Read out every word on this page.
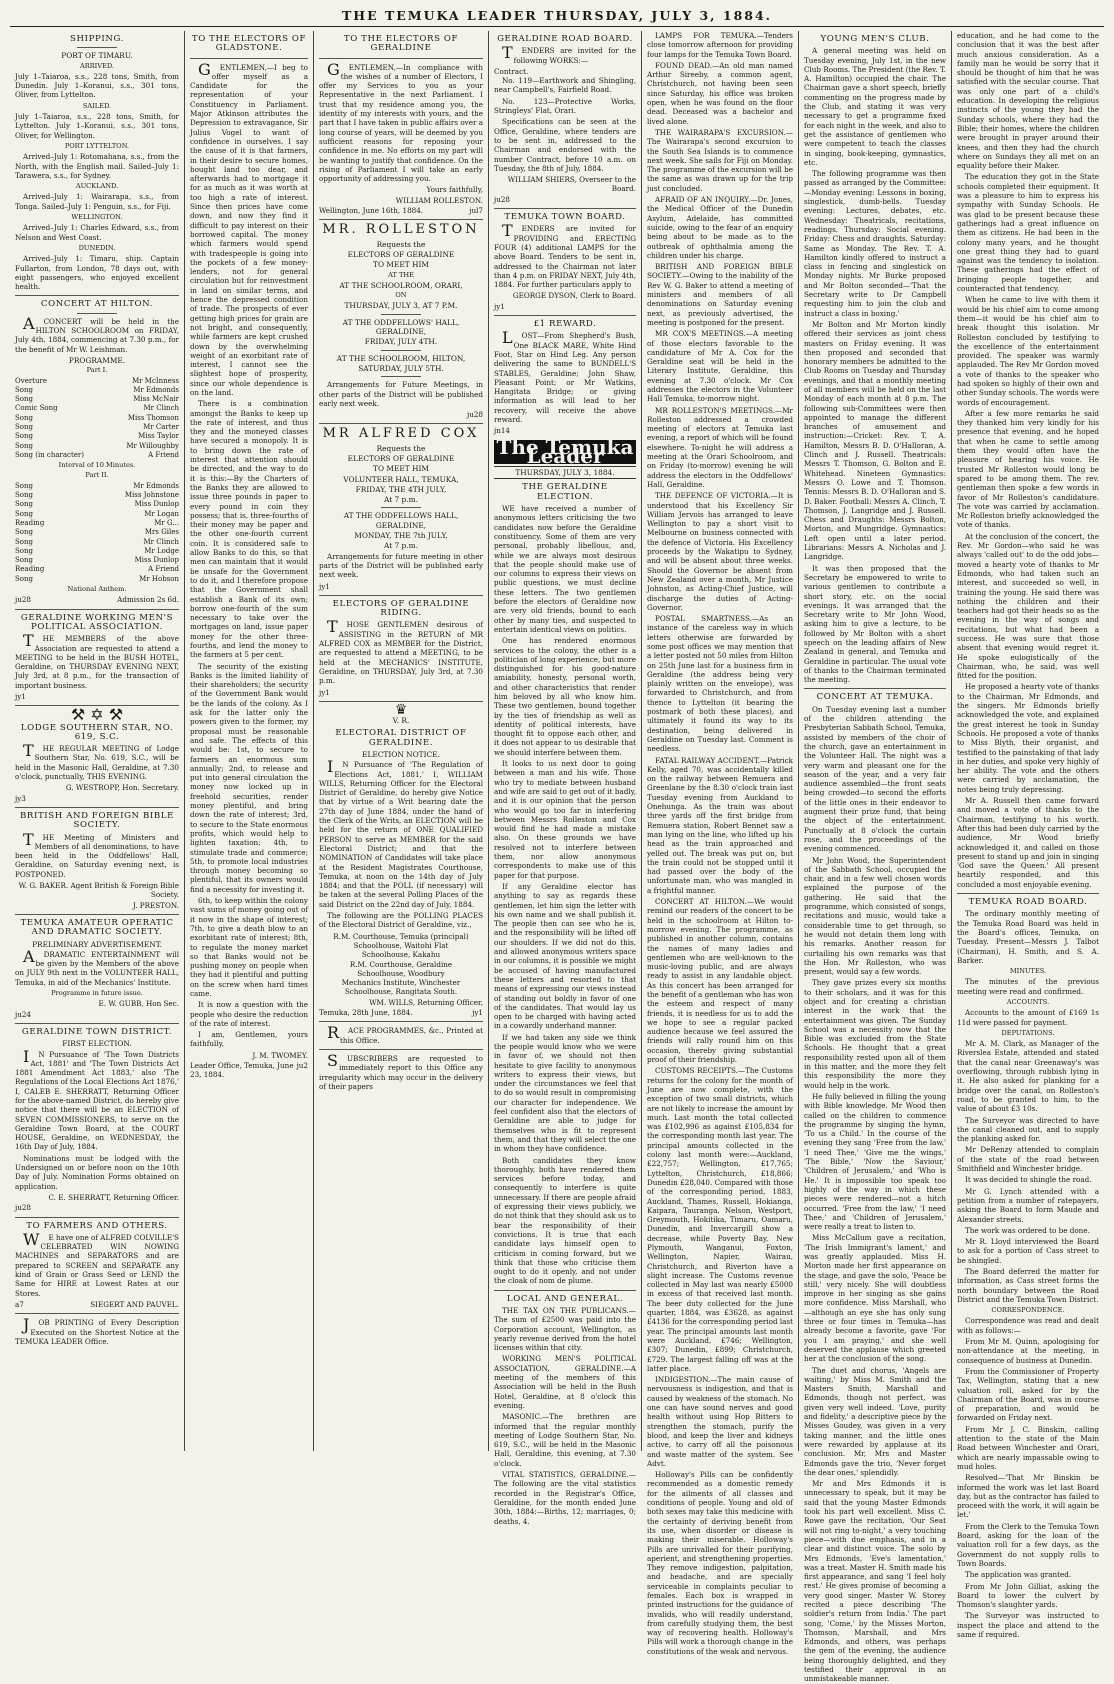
THE TEMUKA LEADER THURSDAY, JULY 3, 1884.
SHIPPING.
PORT OF TIMARU.
ARRIVED.

July 1–Taiaroa, s.s., 228 tons, Smith, from Dunedin. July 1–Koranui, s.s., 301 tons, Oliver, from Lyttelton.

SAILED.

July 1–Taiaroa, s.s., 228 tons, Smith, for Lyttelton. July 1–Koranui, s.s., 301 tons, Oliver, for Wellington.

PORT LYTTELTON.

Arrived–July 1: Rotomahana, s.s., from the North, with the English mail. Sailed–July 1: Tarawera, s.s., for Sydney.

AUCKLAND.

Arrived–July 1: Wairarapa, s.s., from Tonga. Sailed–July 1: Penguin, s.s., for Fiji.

WELLINGTON.

Arrived–July 1: Charles Edward, s.s., from Nelson and West Coast.

DUNEDIN.

Arrived–July 1: Timaru, ship. Captain Fullarton, from London, 78 days out, with eight passengers, who enjoyed excellent health.

CONCERT AT HILTON.

ACONCERT will be held in the HILTON SCHOOLROOM on FRIDAY, July 4th, 1884, commencing at 7.30 p.m., for the benefit of Mr W. Leishman.

PROGRAMME.
Part I.
Overture	Mr McInness
Song	Mr Edmonds
Song	Miss McNair
Comic Song	Mr Clinch
Song	Miss Thomson
Song	Mr Carter
Song	Miss Taylor
Song	Mr Willoughby
Song (in character)	A Friend
Interval of 10 Minutes.
Part II.
Song	Mr Edmonds
Song	Miss Johnstone
Song	Miss Dunlop
Song	Mr Logan
Reading	Mr G...
Song	Mrs Giles
Song	Mr Clinch
Song	Mr Lodge
Song	Miss Dunlop
Reading	A Friend
Song	Mr Hobson
National Anthem.
ju28	Admission 2s 6d.
GERALDINE WORKING MEN'S POLITICAL ASSOCIATION.

THE MEMBERS of the above Association are requested to attend a MEETING to be held in the BUSH HOTEL, Geraldine, on THURSDAY EVENING NEXT, July 3rd, at 8 p.m., for the transaction of important business.

jy1
⚒ ✡ ⚒
LODGE SOUTHERN STAR, NO. 619, S.C.

THE REGULAR MEETING of Lodge Southern Star, No. 619, S.C., will be held in the Masonic Hall, Geraldine, at 7.30 o'clock, punctually, THIS EVENING.

G. WESTROPP, Hon. Secretary.
jy3
BRITISH AND FOREIGN BIBLE SOCIETY.

THE Meeting of Ministers and Members of all denominations, to have been held in the Oddfellows' Hall, Geraldine, on Saturday evening next, is POSTPONED.

W. G. BAKER. Agent British & Foreign Bible Society.
J. PRESTON.
TEMUKA AMATEUR OPERATIC AND DRAMATIC SOCIETY.
PRELIMINARY ADVERTISEMENT.

ADRAMATIC ENTERTAINMENT will be given by the Members of the above on JULY 9th next in the VOLUNTEER HALL, Temuka, in aid of the Mechanics' Institute.

Programme in future issue.
E. W. GUBB, Hon Sec.
ju24
GERALDINE TOWN DISTRICT.
FIRST ELECTION.

IN Pursuance of 'The Town Districts Act, 1881' and 'The Town Districts Act 1881 Amendment Act 1883,' also 'The Regulations of the Local Elections Act 1876,' I, CALEB E. SHERRATT, Returning Officer for the above-named District, do hereby give notice that there will be an ELECTION of SEVEN COMMISSIONERS, to serve on the Geraldine Town Board, at the COURT HOUSE, Geraldine, on WEDNESDAY, the 16th Day of July, 1884.

Nominations must be lodged with the Undersigned on or before noon on the 10th Day of July. Nomination Forms obtained on application.

C. E. SHERRATT, Returning Officer.
ju28
TO FARMERS AND OTHERS.

WE have one of ALFRED COLVILLE'S CELEBRATED WIN NOWING MACHINES and SEPARATORS and are prepared to SCREEN and SEPARATE any kind of Grain or Grass Seed or LEND the Same for HIRE at Lowest Rates at our Stores.

a7	SIEGERT AND PAUVEL.

JOB PRINTING of Every Description Executed on the Shortest Notice at the TEMUKA LEADER Office.

TO THE ELECTORS OF GLADSTONE.

GENTLEMEN,—I beg to offer myself as a Candidate for the representation of your Constituency in Parliament. Major Atkinson attributes the Depression to extravagance, Sir Julius Vogel to want of confidence in ourselves. I say the cause of it is that farmers, in their desire to secure homes, bought land too dear, and afterwards had to mortgage it for as much as it was worth at too high a rate of interest. Since then prices have come down, and now they find it difficult to pay interest on their borrowed capital. The money which farmers would spend with tradespeople is going into the pockets of a few money-lenders, not for general circulation but for reinvestment in land on similar terms, and hence the depressed condition of trade. The prospects of ever getting high prices for grain are not bright, and consequently, while farmers are kept crushed down by the overwhelming weight of an exorbitant rate of interest, I cannot see the slightest hope of prosperity, since our whole dependence is on the land.

There is a combination amongst the Banks to keep up the rate of interest, and thus they and the moneyed classes have secured a monopoly. It is to bring down the rate of interest that attention should be directed, and the way to do it is this:—By the Charters of the Banks they are allowed to issue three pounds in paper to every pound in coin they possess; that is, three-fourths of their money may be paper and the other one-fourth current coin. It is considered safe to allow Banks to do this, so that men can maintain that it would be unsafe for the Government to do it, and I therefore propose that the Government shall establish a Bank of its own; borrow one-fourth of the sum necessary to take over the mortgages on land, issue paper money for the other three-fourths, and lend the money to the farmers at 5 per cent.

The security of the existing Banks is the limited liability of their shareholders; the security of the Government Bank would be the lands of the colony. As I ask for the latter only the powers given to the former, my proposal must be reasonable and safe. The effects of this would be: 1st, to secure to farmers an enormous sum annually; 2nd, to release and put into general circulation the money now locked up in freehold securities, render money plentiful, and bring down the rate of interest; 3rd, to secure to the State enormous profits, which would help to lighten taxation; 4th, to stimulate trade and commerce; 5th, to promote local industries through money becoming so plentiful, that its owners would find a necessity for investing it.

6th, to keep within the colony vast sums of money going out of it now in the shape of interest; 7th, to give a death blow to an exorbitant rate of interest; 8th, to regulate the money market so that Banks would not be pushing money on people when they had it plentiful and putting on the screw when hard times came.

It is now a question with the people who desire the reduction of the rate of interest.

I am, Gentlemen, yours faithfully,

J. M. TWOMEY.
Leader Office, Temuka, June 23, 1884.
ju2
TO THE ELECTORS OF GERALDINE

GENTLEMEN,—In compliance with the wishes of a number of Electors, I offer my Services to you as your Representative in the next Parliament. I trust that my residence among you, the identity of my interests with yours, and the part that I have taken in public affairs over a long course of years, will be deemed by you sufficient reasons for reposing your confidence in me. No efforts on my part will be wanting to justify that confidence. On the rising of Parliament I will take an early opportunity of addressing you.

Yours faithfully,
WILLIAM ROLLESTON.
Wellington, June 16th, 1884.	jul7
MR. ROLLESTON
Requests the
ELECTORS OF GERALDINE
TO MEET HIM
AT THE
AT THE SCHOOLROOM, ORARI,
ON
THURSDAY, JULY 3, AT 7 P.M.
AT THE ODDFELLOWS' HALL, GERALDINE,
FRIDAY, JULY 4TH.
AT THE SCHOOLROOM, HILTON,
SATURDAY, JULY 5TH.

Arrangements for Future Meetings, in other parts of the District will be published early next week.

ju28
MR ALFRED COX
Requests the
ELECTORS OF GERALDINE
TO MEET HIM
VOLUNTEER HALL, TEMUKA,
FRIDAY, THE 4TH JULY,
At 7 p.m.
AT THE ODDFELLOWS HALL, GERALDINE,
MONDAY, THE 7th JULY,
At 7 p.m.

Arrangements for future meeting in other parts of the District will be published early next week.

jy1
ELECTORS OF GERALDINE RIDING.

THOSE GENTLEMEN desirous of ASSISTING in the RETURN of MR ALFRED COX as MEMBER for the District, are requested to attend a MEETING, to be held at the MECHANICS' INSTITUTE, Geraldine, on THURSDAY, July 3rd, at 7.30 p.m.

jy1
♛
V. R.
ELECTORAL DISTRICT OF GERALDINE.
ELECTION NOTICE.

IN Pursuance of 'The Regulation of Elections Act, 1881,' I, WILLIAM WILLS, Returning Officer for the Electoral District of Geraldine, do hereby give Notice that by virtue of a Writ bearing date the 27th day of June 1884, under the hand of the Clerk of the Writs, an ELECTION will be held for the return of ONE QUALIFIED PERSON to serve as MEMBER for the said Electoral District; and that the NOMINATION of Candidates will take place at the Resident Magistrates Courthouse, Temuka, at noon on the 14th day of July 1884; and that the POLL (if necessary) will be taken at the several Polling Places of the said District on the 22nd day of July, 1884.

The following are the POLLING PLACES of the Electoral District of Geraldine, viz.,

R.M. Courthouse, Temuka (principal)
Schoolhouse, Waitohi Flat
Schoolhouse, Kakahu
R.M. Courthouse, Geraldine
Schoolhouse, Woodbury
Mechanics Institute, Winchester
Schoolhouse, Rangitata South.
WM. WILLS, Returning Officer,
Temuka, 28th June, 1884.	jy1

RACE PROGRAMMES, &c., Printed at this Office.

SUBSCRIBERS are requested to immediately report to this Office any irregularity which may occur in the delivery of their papers

GERALDINE ROAD BOARD.

TENDERS are invited for the following WORKS:—

Contract.

No. 119—Earthwork and Shingling, near Campbell's, Fairfield Road.

No. 123—Protective Works, Stringleys' Flat, Orari.

Specifications can be seen at the Office, Geraldine, where tenders are to be sent in, addressed to the Chairman and endorsed with the number Contract, before 10 a.m. on Tuesday, the 8th of July, 1884.

WILLIAM SHIERS, Overseer to the Board.
ju28
TEMUKA TOWN BOARD.

TENDERS are invited for PROVIDING and ERECTING FOUR (4) additional LAMPS for the above Board. Tenders to be sent in, addressed to the Chairman not later than 4 p.m. on FRIDAY NEXT, July 4th, 1884. For further particulars apply to

GEORGE DYSON, Clerk to Board.
jy1
£1 REWARD.

LOST—From Shepherd's Bush, One BLACK MARE, White Hind Foot, Star on Hind Leg. Any person delivering the same to BUNDELL'S STABLES, Geraldine; John Shaw, Pleasant Point; or Mr Watkins, Hangitata Bridge; or giving information as will lead to her recovery, will receive the above reward.

jn14
The Temuka Leader
THURSDAY, JULY 3, 1884.
THE GERALDINE ELECTION.

WE have received a number of anonymous letters criticising the two candidates now before the Geraldine constituency. Some of them are very personal, probably libellous, and, while we are always most desirous that the people should make use of our columns to express their views on public questions, we must decline these letters. The two gentlemen before the electors of Geraldine now are very old friends, bound to each other by many ties, and suspected to entertain identical views on politics.

One has rendered enormous services to the colony, the other is a politician of long experience, but more distinguished for his good-nature amiability, honesty, personal worth, and other characteristics that render him beloved by all who know him. These two gentlemen, bound together by the ties of friendship as well as identity of political interests, have thought fit to oppose each other, and it does not appear to us desirable that we should interfere between them.

It looks to us next door to going between a man and his wife. Those who try to mediate between husband and wife are said to get out of it badly, and it is our opinion that the person who would go too far in interfering between Messrs Rolleston and Cox would find he had made a mistake also. On these grounds we have resolved not to interfere between them, nor allow anonymous correspondents to make use of this paper for that purpose.

If any Geraldine elector has anything to say as regards these gentlemen, let him sign the letter with his own name and we shall publish it. The people then can see who he is, and the responsibility will be lifted off our shoulders. If we did not do this, and allowed anonymous writers space in our columns, it is possible we might be accused of having manufactured these letters and resorted to that means of expressing our views instead of standing out boldly in favor of one of the candidates. That would lay us open to be charged with having acted in a cowardly underhand manner.

If we had taken any side we think the people would know who we were in favor of, we should not then hesitate to give facility to anonymous writers to express their views, but under the circumstances we feel that to do so would result in compromising our character for independence. We feel confident also that the electors of Geraldine are able to judge for themselves who is fit to represent them, and that they will select the one in whom they have confidence.

Both candidates they know thoroughly, both have rendered them services before today, and consequently to interfere is quite unnecessary. If there are people afraid of expressing their views publicly, we do not think that they should ask us to bear the responsibility of their convictions. It is true that each candidate lays himself open to criticism in coming forward, but we think that those who criticise them ought to do it openly, and not under the cloak of nom de plume.

LOCAL AND GENERAL.

THE TAX ON THE PUBLICANS.—The sum of £2500 was paid into the Corporation account, Wellington, as yearly revenue derived from the hotel licenses within that city.

WORKING MEN'S POLITICAL ASSOCIATION, GERALDINE.—A meeting of the members of this Association will be held in the Bush Hotel, Geraldine, at 8 o'clock this evening.

MASONIC.—The brethren are informed that the regular monthly meeting of Lodge Southern Star, No. 619, S.C., will be held in the Masonic Hall, Geraldine, this evening, at 7.30 o'clock.

VITAL STATISTICS, GERALDINE.—The following are the vital statistics recorded in the Registrar's Office, Geraldine, for the month ended June 30th, 1884:—Births, 12; marriages, 0; deaths, 4.

LAMPS FOR TEMUKA.—Tenders close tomorrow afternoon for providing four lamps for the Temuka Town Board.

FOUND DEAD.—An old man named Arthur Sireeby, a common agent, Christchurch, not having been seen since Saturday, his office was broken open, when he was found on the floor dead. Deceased was a bachelor and lived alone.

THE WAIRARAPA'S EXCURSION.—The Wairarapa's second excursion to the South Sea Islands is to commence next week. She sails for Fiji on Monday. The programme of the excursion will be the same as was drawn up for the trip just concluded.

AFRAID OF AN INQUIRY.—Dr. Jones, the Medical Officer of the Dunedin Asylum, Adelaide, has committed suicide, owing to the fear of an enquiry being about to be made as to the outbreak of ophthalmia among the children under his charge.

BRITISH AND FOREIGN BIBLE SOCIETY.—Owing to the inability of the Rev W. G. Baker to attend a meeting of ministers and members of all denominations on Saturday evening next, as previously advertised, the meeting is postponed for the present.

MR COX'S MEETINGS.—A meeting of those electors favorable to the candidature of Mr A. Cox for the Geraldine seat will be held in the Literary Institute, Geraldine, this evening at 7.30 o'clock. Mr Cox addresses the electors in the Volunteer Hall Temuka, to-morrow night.

MR ROLLESTON'S MEETINGS.—Mr Rolleston addressed a crowded meeting of electors at Temuka last evening, a report of which will be found elsewhere. To-night he will address a meeting at the Orari Schoolroom, and on Friday (to-morrow) evening he will address the electors in the Oddfellows' Hall, Geraldine.

THE DEFENCE OF VICTORIA.—It is understood that his Excellency Sir William Jervois has arranged to leave Wellington to pay a short visit to Melbourne on business connected with the defence of Victoria. His Excellency proceeds by the Wakatipu to Sydney, and will be absent about three weeks. Should the Governor be absent from New Zealand over a month, Mr Justice Johnston, as Acting-Chief Justice, will discharge the duties of Acting-Governor.

POSTAL SMARTNESS.—As an instance of the careless way in which letters otherwise are forwarded by some post offices we may mention that a letter posted not 50 miles from Hilton on 25th June last for a business firm in Geraldine (the address being very plainly written on the envelope), was forwarded to Christchurch, and from thence to Lyttelton (it bearing the postmark of both these places), and ultimately it found its way to its destination, being delivered in Geraldine on Tuesday last. Comment is needless.

FATAL RAILWAY ACCIDENT.—Patrick Kelly, aged 70, was accidentally killed on the railway between Remuera and Greenlane by the 8.30 o'clock train last Tuesday evening from Auckland to Onehunga. As the train was about three yards off the first bridge from Remuera station, Robert Bennet saw a man lying on the line, who lifted up his head as the train approached and yelled out. The break was put on, but the train could not be stopped until it had passed over the body of the unfortunate man, who was mangled in a frightful manner.

CONCERT AT HILTON.—We would remind our readers of the concert to be held in the schoolroom at Hilton to-morrow evening. The programme, as published in another column, contains the names of many ladies and gentlemen who are well-known to the music-loving public, and are always ready to assist in any laudable object. As this concert has been arranged for the benefit of a gentleman who has won the esteem and respect of many friends, it is needless for us to add the we hope to see a regular packed audience because we feel assured the friends will rally round him on this occasion, thereby giving substantial proof of their friendship.

CUSTOMS RECEIPTS.—The Customs returns for the colony for the month of June are now complete, with the exception of two small districts, which are not likely to increase the amount by much. Last month the total collected was £102,996 as against £105,834 for the corresponding month last year. The principal amounts collected in the colony last month were:—Auckland, £22,757; Wellington, £17,765; Lyttelton, Christchurch, £18,866; Dunedin £28,040. Compared with those of the corresponding period, 1883, Auckland, Thames, Russell, Hokianga, Kaipara, Tauranga, Nelson, Westport, Greymouth, Hokitika, Timaru, Oamaru, Dunedin, and Invercargill show a decrease, while Poverty Bay, New Plymouth, Wanganui, Foxton, Wellington, Napier, Wairau, Christchurch, and Riverton have a slight increase. The Customs revenue collected in May last was nearly £5000 in excess of that received last month. The beer duty collected for the June quarter, 1884, was £3628, as against £4136 for the corresponding period last year. The principal amounts last month were Auckland, £746; Wellington, £307; Dunedin, £899; Christchurch, £729. The largest falling off was at the latter place.

INDIGESTION.—The main cause of nervousness is indigestion, and that is caused by weakness of the stomach. No one can have sound nerves and good health without using Hop Bitters to strengthen the stomach, purify the blood, and keep the liver and kidneys active, to carry off all the poisonous and waste matter of the system. See Advt.

Holloway's Pills can be confidently recommended as a domestic remedy for the ailments of all classes and conditions of people. Young and old of both sexes may take this medicine with the certainty of deriving benefit from its use, when disorder or disease is making their miserable. Holloway's Pills are unrivalled for their purifying, aperient, and strengthening properties. They remove indigestion, palpitation, and headache, and are specially serviceable in complaints peculiar to females. Each box is wrapped in printed instructions for the guidance of invalids, who will readily understand, from carefully studying them, the best way of recovering health. Holloway's Pills will work a thorough change in the constitutions of the weak and nervous.

YOUNG MEN'S CLUB.

A general meeting was held on Tuesday evening, July 1st, in the new Club Rooms. The President (the Rev. T. A. Hamilton) occupied the chair. The Chairman gave a short speech, briefly commenting on the progress made by the Club, and stating it was very necessary to get a programme fixed for each night in the week, and also to get the assistance of gentlemen who were competent to teach the classes in singing, book-keeping, gymnastics, etc.

The following programme was then passed as arranged by the Committee:—Monday evening: Lessons in boxing, singlestick, dumb-bells. Tuesday evening: Lectures, debates, etc. Wednesday: Theatricals, recitations, readings. Thursday: Social evening. Friday: Chess and draughts. Saturday: Same as Monday. The Rev. T. A. Hamilton kindly offered to instruct a class in fencing and singlestick on Monday nights. Mr Burke proposed and Mr Bolton seconded—'That the Secretary write to Dr Campbell requesting him to join the club and instruct a class in boxing.'

Mr Bolton and Mr Morton kindly offered their services as joint chess masters on Friday evening. It was then proposed and seconded that honorary members be admitted to the Club Rooms on Tuesday and Thursday evenings, and that a monthly meeting of all members will be held on the last Monday of each month at 8 p.m. The following sub-Committees were then appointed to manage the different branches of amusement and instruction:—Cricket: Rev. T. A. Hamilton, Messrs B. D. O'Halloran, A. Clinch and J. Russell. Theatricals: Messrs T. Thomson, G. Bolton and E. Whitehead. Nineteen Gymnastics: Messrs O. Lowe and T. Thomson. Tennis: Messrs B. D. O'Halloran and S. D. Baker. Football: Messrs A. Clinch, T. Thomson, J. Langridge and J. Russell. Chess and Draughts: Messrs Bolton, Morton, and Mungridge. Gymnastics: Left open until a later period. Librarians: Messrs A. Nicholas and J. Langridge.

It was then proposed that the Secretary be empowered to write to various gentlemen to contribute a short story, etc. on the social evenings. It was arranged that the Secretary write to Mr John Wood, asking him to give a lecture, to be followed by Mr Bolton with a short speech on the leading affairs of New Zealand in general, and Temuka and Geraldine in particular. The usual vote of thanks to the Chairman terminated the meeting.

CONCERT AT TEMUKA.

On Tuesday evening last a number of the children attending the Presbyterian Sabbath School, Temuka, assisted by members of the choir of the church, gave an entertainment in the Volunteer Hall. The night was a very warm and pleasant one for the season of the year, and a very fair audience assembled—the front seats being crowded—to second the efforts of the little ones in their endeavor to augment their prize fund, that being the object of the entertainment. Punctually at 8 o'clock the curtain rose, and the proceedings of the evening commenced.

Mr John Wood, the Superintendent of the Sabbath School, occupied the chair, and in a few well chosen words explained the purpose of the gathering. He said that the programme, which consisted of songs, recitations and music, would take a considerable time to get through, so he would not detain them long with his remarks. Another reason for curtailing his own remarks was that the Hon. Mr Rolleston, who was present, would say a few words.

They gave prizes every six months to their scholars, and it was for this object and for creating a christian interest in the work that the entertainment was given. The Sunday School was a necessity now that the Bible was excluded from the State Schools. He thought that a great responsibility rested upon all of them in this matter, and the more they felt this responsibility the more they would help in the work.

He fully believed in filling the young with Bible knowledge. Mr Wood then called on the children to commence the programme by singing the hymn, 'To us a Child.' In the course of the evening they sang 'Free from the law,' 'I need Thee,' 'Give me the wings,' 'The Bible,' 'Now the Saviour,' 'Children of Jerusalem,' and 'Who is He.' It is impossible too speak too highly of the way in which these pieces were rendered—not a hitch occurred. 'Free from the law,' 'I need Thee,' and 'Children of Jerusalem,' were really a treat to listen to.

Miss McCallum gave a recitation, 'The Irish Immigrant's lament,' and was greatly applauded. Miss H. Morton made her first appearance on the stage, and gave the solo, 'Peace be still,' very nicely. She will doubtless improve in her singing as she gains more confidence. Miss Marshall, who—although an eye she has only sung three or four times in Temuka—has already become a favorite, gave 'For you I am praying,' and she well deserved the applause which greeted her at the conclusion of the song.

The duet and chorus, 'Angels are waiting,' by Miss M. Smith and the Masters Smith, Marshall and Edmonds, though not perfect, was given very well indeed. 'Love, purity and fidelity,' a descriptive piece by the Misses Goudey, was given in a very taking manner, and the little ones were rewarded by applause at its conclusion. Mr, Mrs and Master Edmonds gave the trio, 'Never forget the dear ones,' splendidly.

Mr and Mrs Edmonds it is unnecessary to speak, but it may be said that the young Master Edmonds took his part well excellent. Miss C. Rowe gave the recitation, 'Our Seat will not ring to-night,' a very touching piece—with due emphasis, and in a clear and distinct voice. The solo by Mrs Edmonds, 'Eve's lamentation,' was a treat. Master H. Smith made his first appearance, and sang 'I feel holy rest.' He gives promise of becoming a very good singer. Master W. Storey recited a piece describing 'The soldier's return from India.' The part song, 'Come,' by the Misses Morton, Thomson, Marshall, and Mrs Edmonds, and others, was perhaps the gem of the evening, the audience being thoroughly delighted, and they testified their approval in an unmistakeable manner.

education, and he had come to the conclusion that it was the best after much anxious consideration. As a family man he would be sorry that it should be thought of him that he was satisfied with the secular course. That was only one part of a child's education. In developing the religious instincts of the young they had the Sunday schools, where they had the Bible; their homes, where the children were brought in prayer around their knees, and then they had the church where on Sundays they all met on an equality before their Maker.

The education they got in the State schools completed their equipment. It was a pleasure to him to express his sympathy with Sunday Schools. He was glad to be present because these gatherings had a great influence on them as citizens. He had been in the colony many years, and he thought one great thing they had to guard against was the tendency to isolation. These gatherings had the effect of bringing people together, and counteracted that tendency.

When he came to live with them it would be his chief aim to come among them—it would be his chief aim to break thought this isolation. Mr Rolleston concluded by testifying to the excellence of the entertainment provided. The speaker was warmly applauded. The Rev Mr Gordon moved a vote of thanks to the speaker who had spoken so highly of their own and other Sunday schools. The words were words of encouragement.

After a few more remarks he said they thanked him very kindly for his presence that evening, and he hoped that when he came to settle among them they would often have the pleasure of hearing his voice. He trusted Mr Rolleston would long be spared to be among them. The rev. gentleman then spoke a few words in favor of Mr Rolleston's candidature. The vote was carried by acclamation. Mr Rolleston briefly acknowledged the vote of thanks.

At the conclusion of the concert, the Rev. Mr Gordon—who said he was always 'called out' to do the odd jobs—moved a hearty vote of thanks to Mr Edmonds, who had taken such an interest, and succeeded so well, in training the young. He said there was nothing the children and their teachers had got their heads so as the evening in the way of songs and recitations, but what had been a success. He was sure that those absent that evening would regret it. He spoke eulogistically of the Chairman, who, he said, was well fitted for the position.

He proposed a hearty vote of thanks to the Chairman, Mr Edmonds, and the singers. Mr Edmonds briefly acknowledged the vote, and explained the great interest he took in Sunday Schools. He proposed a vote of thanks to Miss Blyth, their organist, and testified to the painstaking of that lady in her duties, and spoke very highly of her ability. The vote and the others were carried by acclamation, the notes being truly depressing.

Mr A. Russell then came forward and moved a vote of thanks to the Chairman, testifying to his worth. After this had been duly carried by the audience, Mr Wood briefly acknowledged it, and called on those present to stand up and join in singing 'God save the Queen.' All present heartily responded, and this concluded a most enjoyable evening.

TEMUKA ROAD BOARD.

The ordinary monthly meeting of the Temuka Road Board was held in the Board's offices, Temuka, on Tuesday. Present—Messrs J. Talbot (Chairman), H. Smith, and S. A. Barker.

MINUTES.

The minutes of the previous meeting were read and confirmed.

ACCOUNTS.

Accounts to the amount of £169 1s 11d were passed for payment.

DEPUTATIONS.

Mr A. M. Clark, as Manager of the Riverslea Estate, attended and stated that the canal near Greenaway's was overflowing, through rubbish lying in it. He also asked for planking for a bridge over the canal, on Rolleston's road, to be granted to him, to the value of about £3 10s.

The Surveyor was directed to have the canal cleaned out, and to supply the planking asked for.

Mr DeRenzy attended to complain of the state of the road between Smithfield and Winchester bridge.

It was decided to shingle the road.

Mr G. Lynch attended with a petition from a number of ratepayers, asking the Board to form Maude and Alexander streets.

The work was ordered to be done.

Mr R. Lloyd interviewed the Board to ask for a portion of Cass street to be shingled.

The Board deferred the matter for information, as Cass street forms the north boundary between the Road District and the Temuka Town District.

CORRESPONDENCE.

Correspondence was read and dealt with as follows:—

From Mr M. Quinn, apologising for non-attendance at the meeting, in consequence of business at Dunedin.

From the Commissioner of Property Tax, Wellington, stating that a new valuation roll, asked for by the Chairman of the Board, was in course of preparation, and would be forwarded on Friday next.

From Mr J. C. Binskin, calling attention to the state of the Main Road between Winchester and Orari, which are nearly impassable owing to mud holes.

Resolved—'That Mr Binskin be informed the work was let last Board day, but as the contractor has failed to proceed with the work, it will again be let.'

From the Clerk to the Temuka Town Board, asking for the loan of the valuation roll for a few days, as the Government do not supply rolls to Town Boards.

The application was granted.

From Mr John Gilliat, asking the Board to lower the culvert by Thomson's slaughter yards.

The Surveyor was instructed to inspect the place and attend to the same if required.
